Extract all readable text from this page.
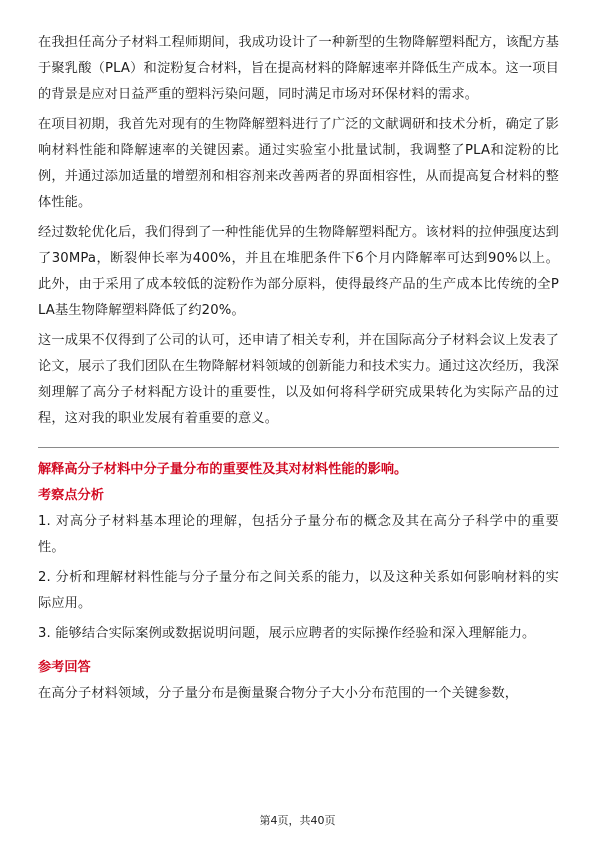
在我担任高分子材料工程师期间，我成功设计了一种新型的生物降解塑料配方，该配方基于聚乳酸（PLA）和淀粉复合材料，旨在提高材料的降解速率并降低生产成本。这一项目的背景是应对日益严重的塑料污染问题，同时满足市场对环保材料的需求。

在项目初期，我首先对现有的生物降解塑料进行了广泛的文献调研和技术分析，确定了影响材料性能和降解速率的关键因素。通过实验室小批量试制，我调整了PLA和淀粉的比例，并通过添加适量的增塑剂和相容剂来改善两者的界面相容性，从而提高复合材料的整体性能。

经过数轮优化后，我们得到了一种性能优异的生物降解塑料配方。该材料的拉伸强度达到了30MPa，断裂伸长率为400%，并且在堆肥条件下6个月内降解率可达到90%以上。此外，由于采用了成本较低的淀粉作为部分原料，使得最终产品的生产成本比传统的全PLA基生物降解塑料降低了约20%。

这一成果不仅得到了公司的认可，还申请了相关专利，并在国际高分子材料会议上发表了论文，展示了我们团队在生物降解材料领域的创新能力和技术实力。通过这次经历，我深刻理解了高分子材料配方设计的重要性，以及如何将科学研究成果转化为实际产品的过程，这对我的职业发展有着重要的意义。

解释高分子材料中分子量分布的重要性及其对材料性能的影响。

考察点分析

1. 对高分子材料基本理论的理解，包括分子量分布的概念及其在高分子科学中的重要性。

2. 分析和理解材料性能与分子量分布之间关系的能力，以及这种关系如何影响材料的实际应用。

3. 能够结合实际案例或数据说明问题，展示应聘者的实际操作经验和深入理解能力。

参考回答

在高分子材料领域，分子量分布是衡量聚合物分子大小分布范围的一个关键参数，

第4页，共40页
